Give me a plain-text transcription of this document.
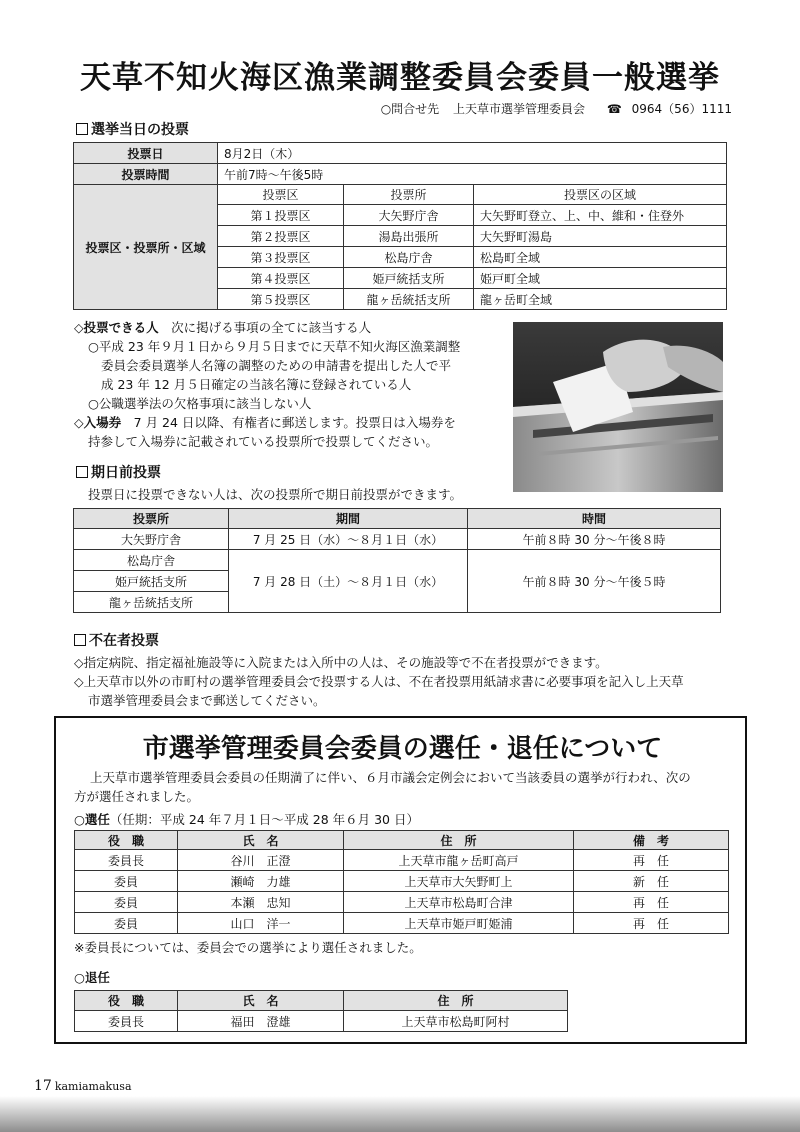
天草不知火海区漁業調整委員会委員一般選挙
○問合せ先 上天草市選挙管理委員会 ☎ 0964（56）1111
選挙当日の投票
投票日	8月2日（木）		
投票時間	午前7時〜午後5時		
投票区・投票所・区域	投票区	投票所	投票区の区域
	第１投票区	大矢野庁舎	大矢野町登立、上、中、維和・住登外
	第２投票区	湯島出張所	大矢野町湯島
	第３投票区	松島庁舎	松島町全域
	第４投票区	姫戸統括支所	姫戸町全域
	第５投票区	龍ヶ岳統括支所	龍ヶ岳町全域
◇投票できる人　 次に掲げる事項の全てに該当する人
○平成 23 年９月１日から９月５日までに天草不知火海区漁業調整
委員会委員選挙人名簿の調整のための申請書を提出した人で平
成 23 年 12 月５日確定の当該名簿に登録されている人
○公職選挙法の欠格事項に該当しない人
◇入場券　 7 月 24 日以降、有権者に郵送します。投票日は入場券を
持参して入場券に記載されている投票所で投票してください。
期日前投票
投票日に投票できない人は、次の投票所で期日前投票ができます。
投票所	期間	時間
大矢野庁舎	7 月 25 日（水）〜８月１日（水）	午前８時 30 分〜午後８時
松島庁舎	7 月 28 日（土）〜８月１日（水）	午前８時 30 分〜午後５時
姫戸統括支所		
龍ヶ岳統括支所		
不在者投票
◇指定病院、指定福祉施設等に入院または入所中の人は、その施設等で不在者投票ができます。
◇上天草市以外の市町村の選挙管理委員会で投票する人は、不在者投票用紙請求書に必要事項を記入し上天草
市選挙管理委員会まで郵送してください。
市選挙管理委員会委員の選任・退任について
上天草市選挙管理委員会委員の任期満了に伴い、６月市議会定例会において当該委員の選挙が行われ、次の
方が選任されました。
○選任（任期：平成 24 年７月１日〜平成 28 年６月 30 日）
役　職	氏　名	住　所	備　考
委員長	谷川　正澄	上天草市龍ヶ岳町高戸	再　任
委員	瀬崎　力雄	上天草市大矢野町上	新　任
委員	本瀬　忠知	上天草市松島町合津	再　任
委員	山口　洋一	上天草市姫戸町姫浦	再　任
※委員長については、委員会での選挙により選任されました。
○退任
役　職	氏　名	住　所
委員長	福田　澄雄	上天草市松島町阿村
17 kamiamakusa
